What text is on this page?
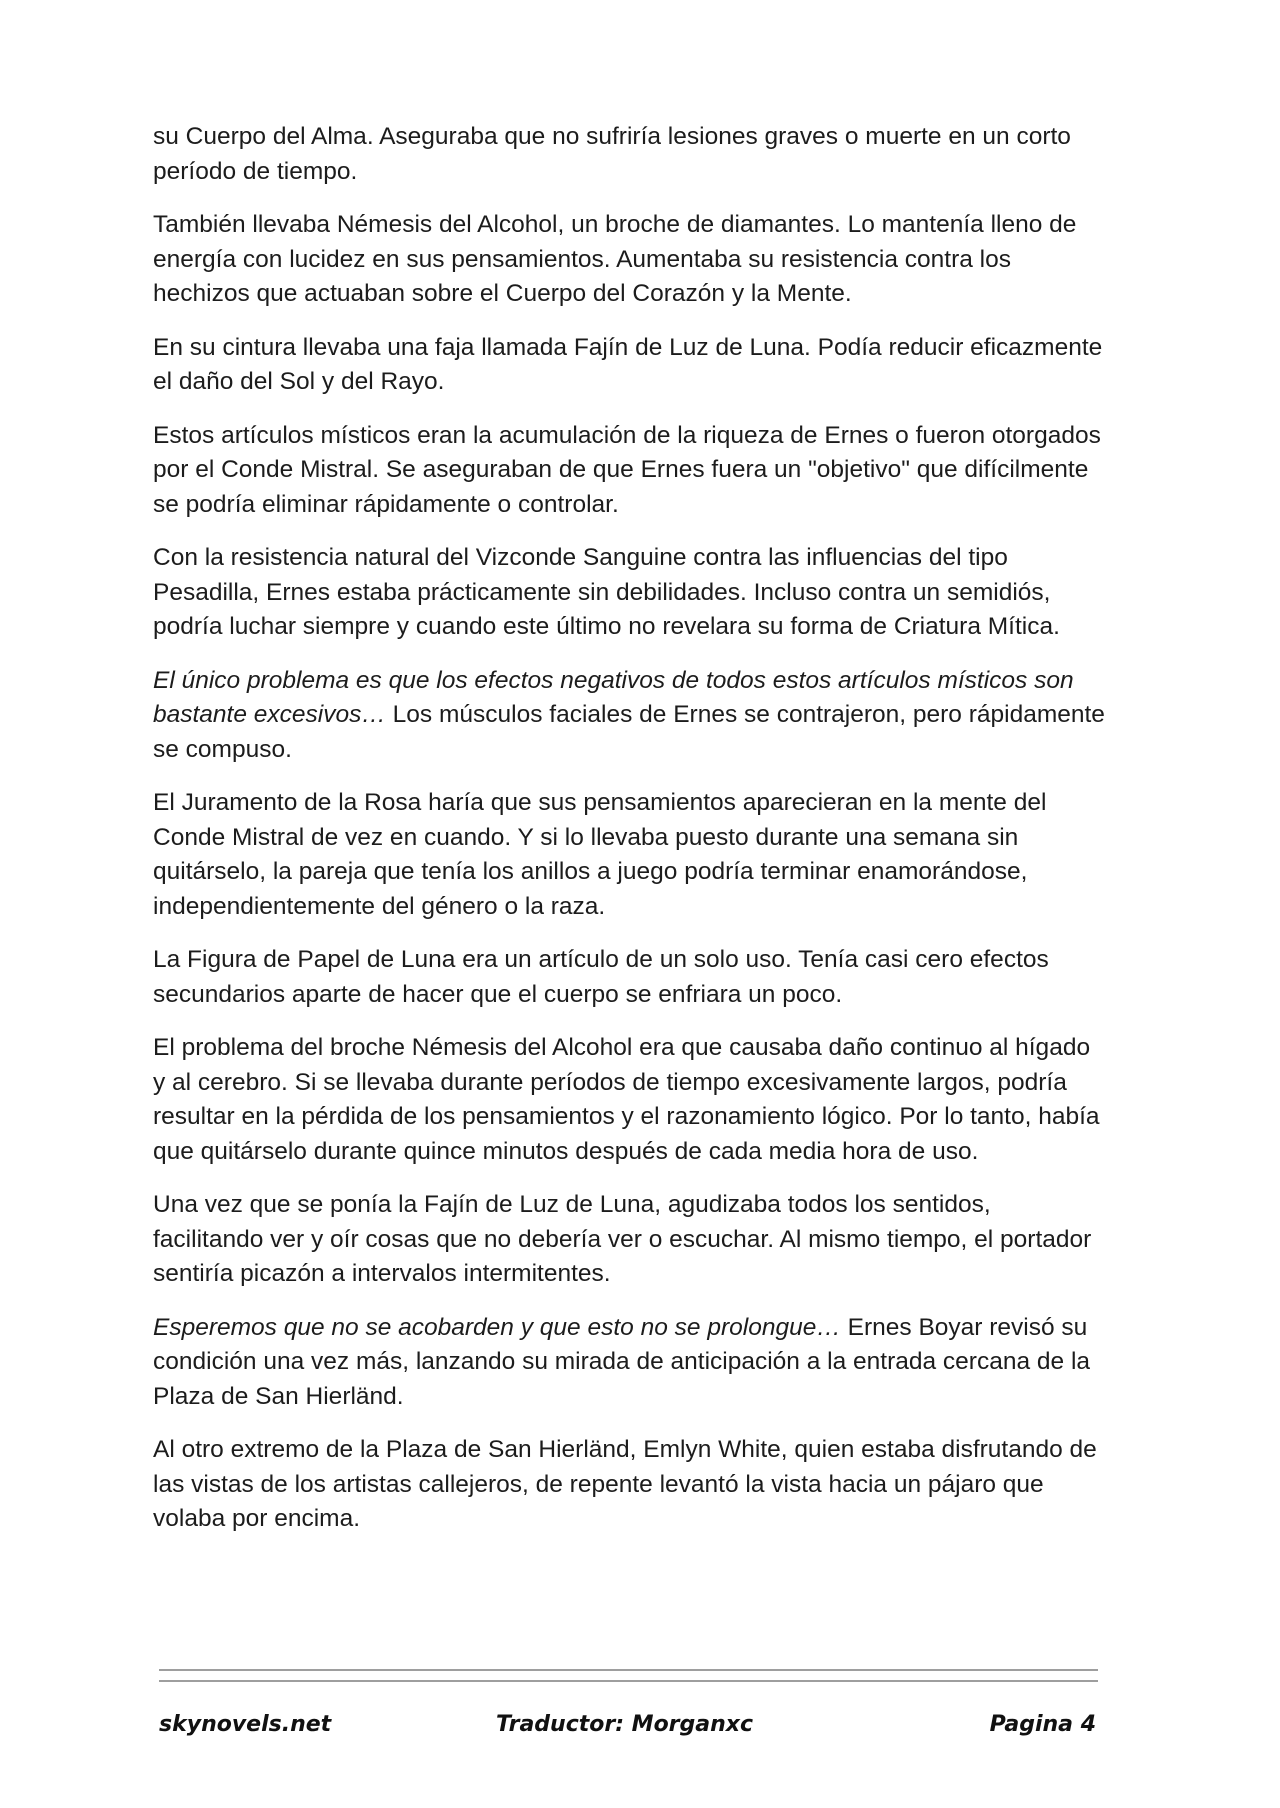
su Cuerpo del Alma. Aseguraba que no sufriría lesiones graves o muerte en un corto período de tiempo.

También llevaba Némesis del Alcohol, un broche de diamantes. Lo mantenía lleno de energía con lucidez en sus pensamientos. Aumentaba su resistencia contra los hechizos que actuaban sobre el Cuerpo del Corazón y la Mente.

En su cintura llevaba una faja llamada Fajín de Luz de Luna. Podía reducir eficazmente el daño del Sol y del Rayo.

Estos artículos místicos eran la acumulación de la riqueza de Ernes o fueron otorgados por el Conde Mistral. Se aseguraban de que Ernes fuera un "objetivo" que difícilmente se podría eliminar rápidamente o controlar.

Con la resistencia natural del Vizconde Sanguine contra las influencias del tipo Pesadilla, Ernes estaba prácticamente sin debilidades. Incluso contra un semidiós, podría luchar siempre y cuando este último no revelara su forma de Criatura Mítica.

El único problema es que los efectos negativos de todos estos artículos místicos son bastante excesivos… Los músculos faciales de Ernes se contrajeron, pero rápidamente se compuso.

El Juramento de la Rosa haría que sus pensamientos aparecieran en la mente del Conde Mistral de vez en cuando. Y si lo llevaba puesto durante una semana sin quitárselo, la pareja que tenía los anillos a juego podría terminar enamorándose, independientemente del género o la raza.

La Figura de Papel de Luna era un artículo de un solo uso. Tenía casi cero efectos secundarios aparte de hacer que el cuerpo se enfriara un poco.

El problema del broche Némesis del Alcohol era que causaba daño continuo al hígado y al cerebro. Si se llevaba durante períodos de tiempo excesivamente largos, podría resultar en la pérdida de los pensamientos y el razonamiento lógico. Por lo tanto, había que quitárselo durante quince minutos después de cada media hora de uso.

Una vez que se ponía la Fajín de Luz de Luna, agudizaba todos los sentidos, facilitando ver y oír cosas que no debería ver o escuchar. Al mismo tiempo, el portador sentiría picazón a intervalos intermitentes.

Esperemos que no se acobarden y que esto no se prolongue… Ernes Boyar revisó su condición una vez más, lanzando su mirada de anticipación a la entrada cercana de la Plaza de San Hierländ.

Al otro extremo de la Plaza de San Hierländ, Emlyn White, quien estaba disfrutando de las vistas de los artistas callejeros, de repente levantó la vista hacia un pájaro que volaba por encima.

skynovels.net	Traductor: Morganxc	Pagina 4
